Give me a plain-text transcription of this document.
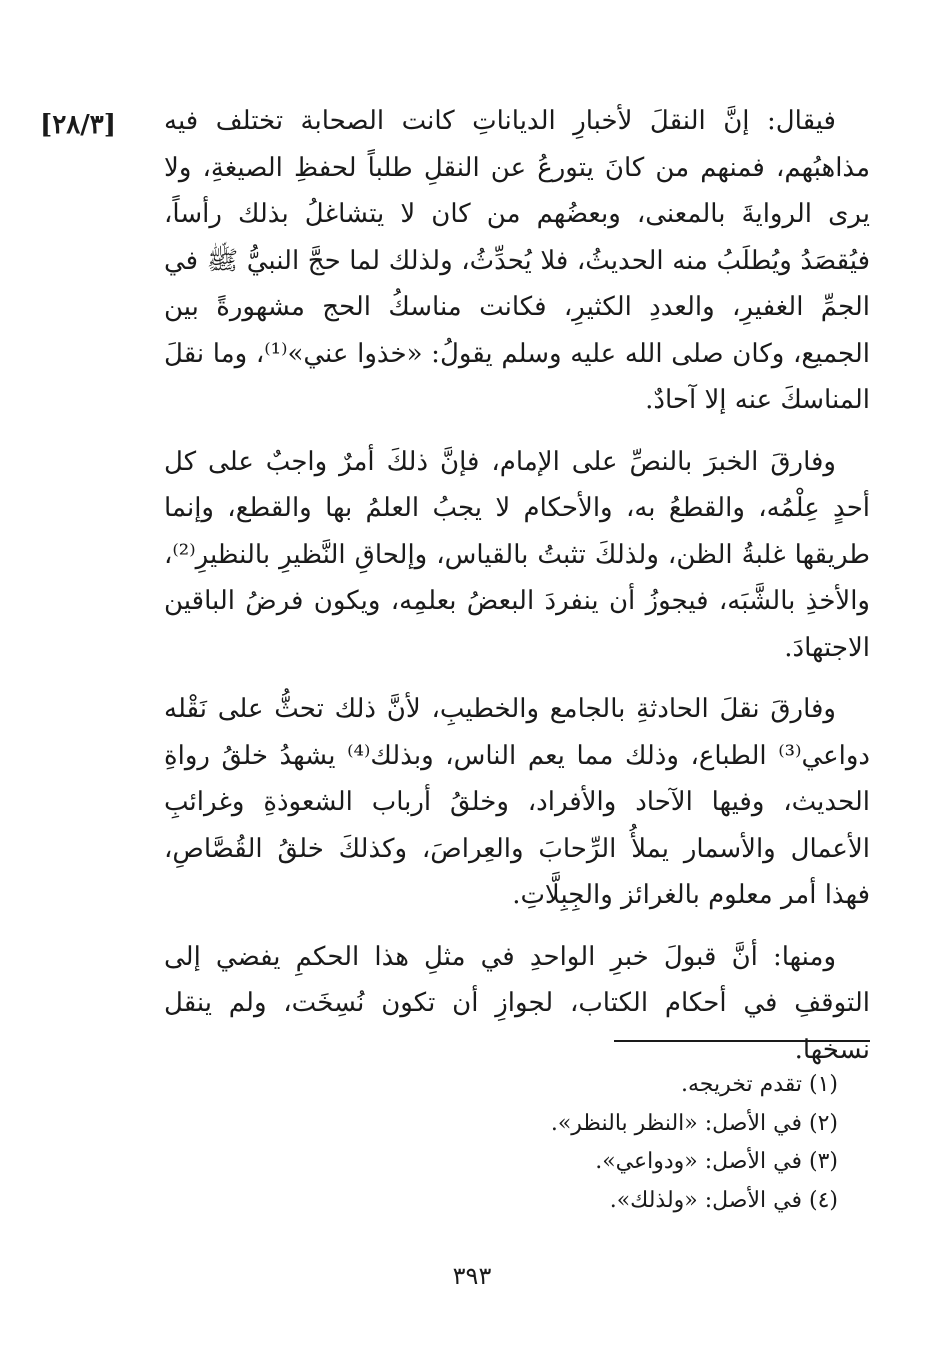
[٢٨/٣] فيقال: إنَّ النقلَ لأخبارِ الدياناتِ كانت الصحابة تختلف فيه مذاهبُهم، فمنهم من كانَ يتورعُ عن النقلِ طلباً لحفظِ الصيغةِ، ولا يرى الروايةَ بالمعنى، وبعضُهم من كان لا يتشاغلُ بذلك رأساً، فيُقصَدُ ويُطلَبُ منه الحديثُ، فلا يُحدِّثُ، ولذلك لما حجَّ النبيُّ ﷺ في الجمِّ الغفيرِ، والعددِ الكثيرِ، فكانت مناسكُ الحج مشهورةً بين الجميع، وكان صلى الله عليه وسلم يقولُ: «خذوا عني»⁽¹⁾، وما نقلَ المناسكَ عنه إلا آحادٌ.

وفارقَ الخبرَ بالنصِّ على الإمام، فإنَّ ذلكَ أمرٌ واجبٌ على كل أحدٍ عِلْمُه، والقطعُ به، والأحكام لا يجبُ العلمُ بها والقطع، وإنما طريقها غلبةُ الظن، ولذلكَ تثبتُ بالقياس، وإلحاقِ النَّظيرِ بالنظيرِ⁽²⁾، والأخذِ بالشَّبَه، فيجوزُ أن ينفردَ البعضُ بعلمِه، ويكون فرضُ الباقين الاجتهادَ.

وفارقَ نقلَ الحادثةِ بالجامع والخطيبِ، لأنَّ ذلك تحثُّ على نَقْله دواعي⁽³⁾ الطباع، وذلك مما يعم الناس، وبذلك⁽⁴⁾ يشهدُ خلقُ رواةِ الحديث، وفيها الآحاد والأفراد، وخلقُ أرباب الشعوذةِ وغرائبِ الأعمال والأسمار يملأُ الرِّحابَ والعِراصَ، وكذلكَ خلقُ القُصَّاصِ، فهذا أمر معلوم بالغرائز والجِبِلَّاتِ.

ومنها: أنَّ قبولَ خبرِ الواحدِ في مثلِ هذا الحكمِ يفضي إلى التوقفِ في أحكام الكتاب، لجوازِ أن تكون نُسِخَت، ولم ينقل نسخها.

(١) تقدم تخريجه.
(٢) في الأصل: «النظر بالنظر».
(٣) في الأصل: «ودواعي».
(٤) في الأصل: «ولذلك».
٣٩٣
